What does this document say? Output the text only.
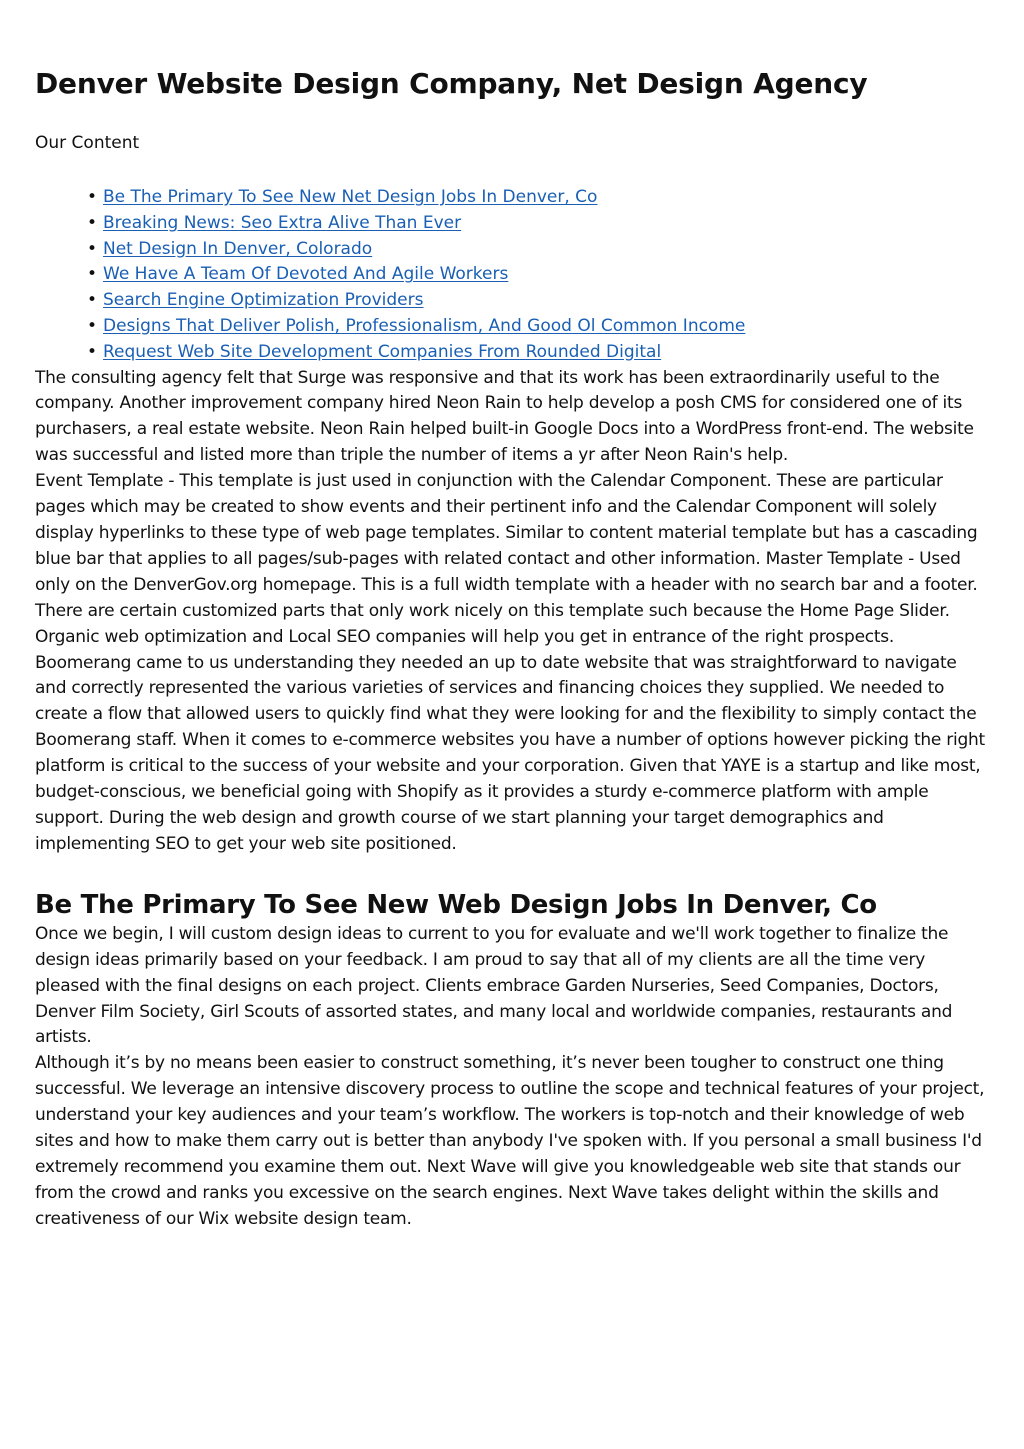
Denver Website Design Company, Net Design Agency

Our Content

• Be The Primary To See New Net Design Jobs In Denver, Co
• Breaking News: Seo Extra Alive Than Ever
• Net Design In Denver, Colorado
• We Have A Team Of Devoted And Agile Workers
• Search Engine Optimization Providers
• Designs That Deliver Polish, Professionalism, And Good Ol Common Income
• Request Web Site Development Companies From Rounded Digital

The consulting agency felt that Surge was responsive and that its work has been extraordinarily useful to the company. Another improvement company hired Neon Rain to help develop a posh CMS for considered one of its purchasers, a real estate website. Neon Rain helped built-in Google Docs into a WordPress front-end. The website was successful and listed more than triple the number of items a yr after Neon Rain's help.

Event Template - This template is just used in conjunction with the Calendar Component. These are particular pages which may be created to show events and their pertinent info and the Calendar Component will solely display hyperlinks to these type of web page templates. Similar to content material template but has a cascading blue bar that applies to all pages/sub-pages with related contact and other information. Master Template - Used only on the DenverGov.org homepage. This is a full width template with a header with no search bar and a footer. There are certain customized parts that only work nicely on this template such because the Home Page Slider. Organic web optimization and Local SEO companies will help you get in entrance of the right prospects.

Boomerang came to us understanding they needed an up to date website that was straightforward to navigate and correctly represented the various varieties of services and financing choices they supplied. We needed to create a flow that allowed users to quickly find what they were looking for and the flexibility to simply contact the Boomerang staff. When it comes to e-commerce websites you have a number of options however picking the right platform is critical to the success of your website and your corporation. Given that YAYE is a startup and like most, budget-conscious, we beneficial going with Shopify as it provides a sturdy e-commerce platform with ample support. During the web design and growth course of we start planning your target demographics and implementing SEO to get your web site positioned.

Be The Primary To See New Web Design Jobs In Denver, Co

Once we begin, I will custom design ideas to current to you for evaluate and we'll work together to finalize the design ideas primarily based on your feedback. I am proud to say that all of my clients are all the time very pleased with the final designs on each project. Clients embrace Garden Nurseries, Seed Companies, Doctors, Denver Film Society, Girl Scouts of assorted states, and many local and worldwide companies, restaurants and artists.

Although it’s by no means been easier to construct something, it’s never been tougher to construct one thing successful. We leverage an intensive discovery process to outline the scope and technical features of your project, understand your key audiences and your team’s workflow. The workers is top-notch and their knowledge of web sites and how to make them carry out is better than anybody I've spoken with. If you personal a small business I'd extremely recommend you examine them out. Next Wave will give you knowledgeable web site that stands our from the crowd and ranks you excessive on the search engines. Next Wave takes delight within the skills and creativeness of our Wix website design team.
